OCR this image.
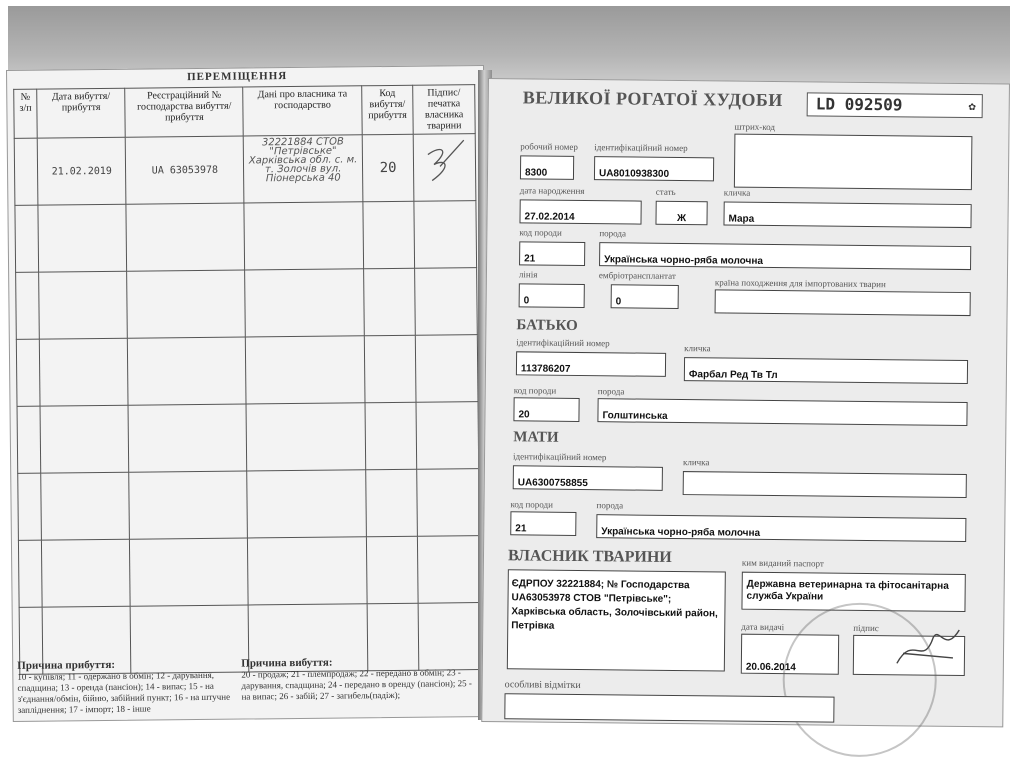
ПЕРЕМІЩЕННЯ
№ з/п	Дата вибуття/прибуття	Реєстраційний № господарства вибуття/прибуття	Дані про власника та господарство	Код вибуття/ прибуття	Підпис/ печатка власника тварини
	21.02.2019	UA 63053978	32221884 СТОВ "Петрівське" Харківська обл. с. м. т. Золочів вул. Піонерська 40	20	

Причина прибуття:
10 - купівля; 11 - одержано в обмін; 12 - дарування, спадщина; 13 - оренда (пансіон); 14 - випас; 15 - на з'єднання/обмін, бійню, забійний пункт; 16 - на штучне запліднення; 17 - імпорт; 18 - інше
Причина вибуття:
20 - продаж; 21 - племпродаж; 22 - передано в обмін; 23 - дарування, спадщина; 24 - передано в оренду (пансіон); 25 - на випас; 26 - забій; 27 - загибель(падіж);
ВЕЛИКОЇ РОГАТОЇ ХУДОБИ	LD 092509	✿
штрих-код
робочий номер
8300
ідентифікаційний номер
UA8010938300
дата народження
27.02.2014
стать
Ж
кличка
Мара
код породи
21
порода
Українська чорно-ряба молочна
лінія
0
ембріотрансплантат
0
країна походження для імпортованих тварин
БАТЬКО
ідентифікаційний номер
113786207
кличка
Фарбал Ред Тв Тл
код породи
20
порода
Голштинська
МАТИ
ідентифікаційний номер
UA6300758855
кличка
код породи
21
порода
Українська чорно-ряба молочна
ВЛАСНИК ТВАРИНИ
ЄДРПОУ 32221884; № Господарства UA63053978 СТОВ "Петрівське"; Харківська область, Золочівський район, Петрівка
ким виданий паспорт
Державна ветеринарна та фітосанітарна служба України
дата видачі
20.06.2014
підпис
особливі відмітки
